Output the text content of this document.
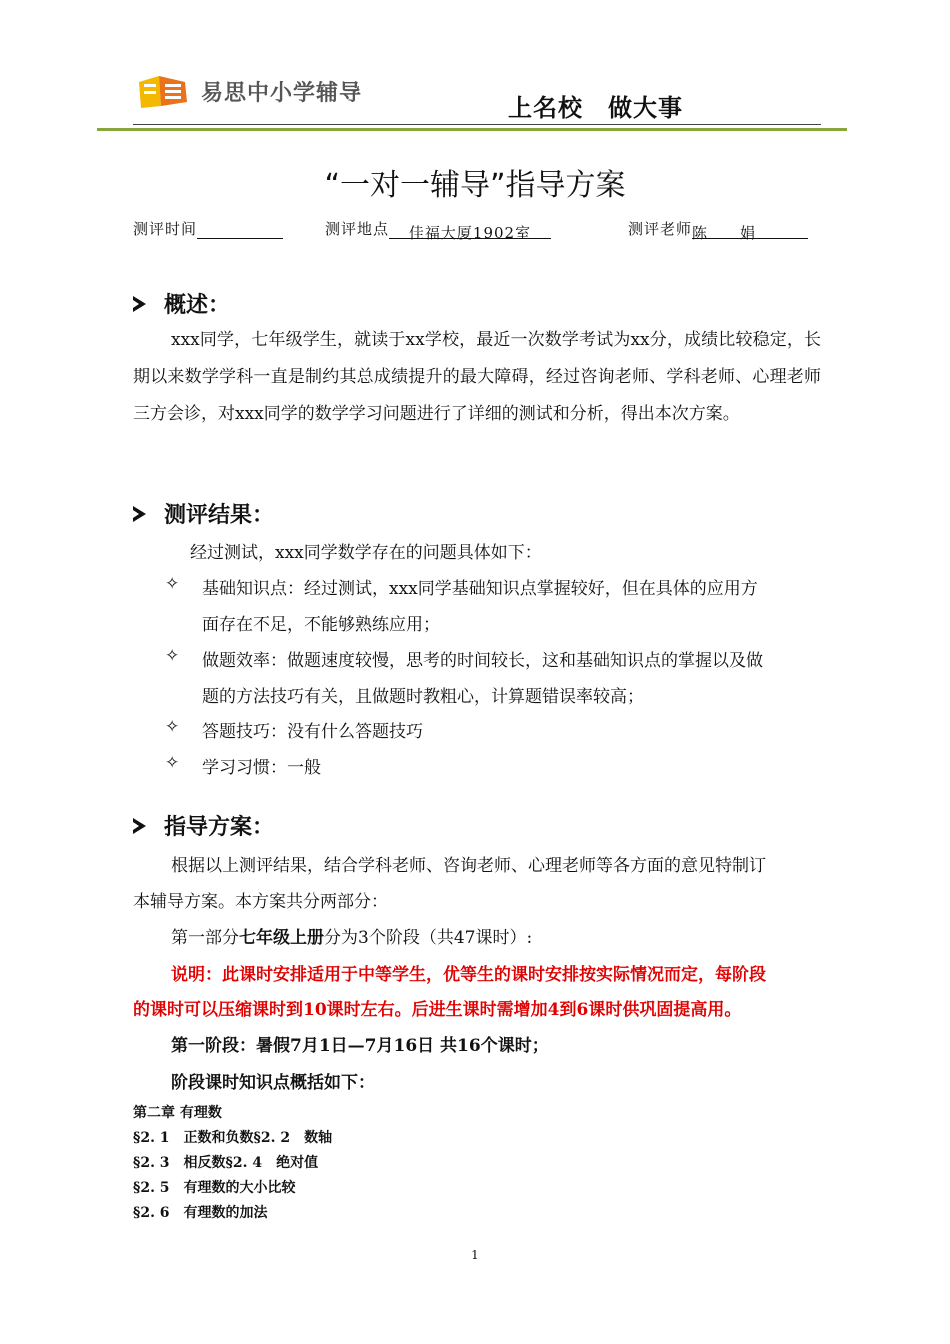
易思中小学辅导
上名校　做大事
“一对一辅导”指导方案
测评时间	测评地点 佳福大厦1902室	测评老师陈　　娟
概述：
xxx同学，七年级学生，就读于xx学校，最近一次数学考试为xx分，成绩比较稳定，长期以来数学学科一直是制约其总成绩提升的最大障碍，经过咨询老师、学科老师、心理老师三方会诊，对xxx同学的数学学习问题进行了详细的测试和分析，得出本次方案。
测评结果：
经过测试，xxx同学数学存在的问题具体如下：
✧ 基础知识点：经过测试，xxx同学基础知识点掌握较好，但在具体的应用方
面存在不足，不能够熟练应用；
✧ 做题效率：做题速度较慢，思考的时间较长，这和基础知识点的掌握以及做
题的方法技巧有关，且做题时教粗心，计算题错误率较高；
✧ 答题技巧：没有什么答题技巧
✧ 学习习惯：一般
指导方案：
根据以上测评结果，结合学科老师、咨询老师、心理老师等各方面的意见特制订
本辅导方案。本方案共分两部分：
第一部分七年级上册分为3个阶段（共47课时）:
说明：此课时安排适用于中等学生，优等生的课时安排按实际情况而定，每阶段
的课时可以压缩课时到10课时左右。后进生课时需增加4到6课时供巩固提高用。
第一阶段：暑假7月1日—7月16日 共16个课时；
阶段课时知识点概括如下：
第二章 有理数
§2. 1　正数和负数§2. 2　数轴
§2. 3　相反数§2. 4　绝对值
§2. 5　有理数的大小比较
§2. 6　有理数的加法
1
